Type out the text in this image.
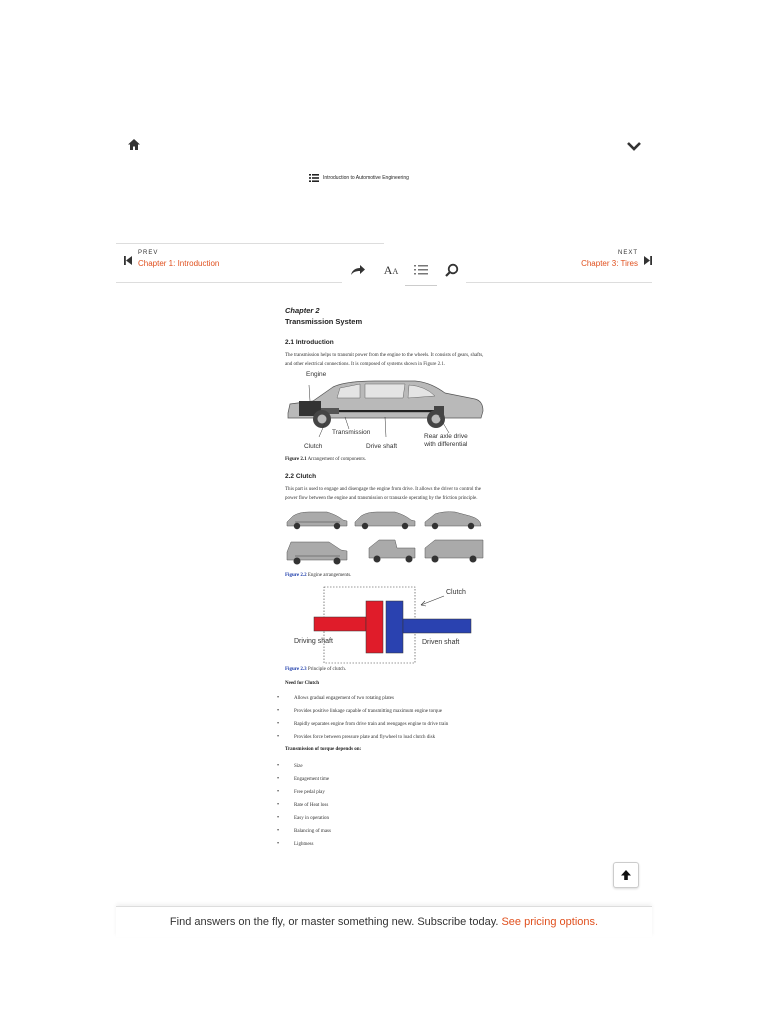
Introduction to Automotive Engineering
PREV
Chapter 1: Introduction
NEXT
Chapter 3: Tires
AA
Chapter 2
Transmission System
2.1 Introduction

The transmission helps to transmit power from the engine to the wheels. It consists of gears, shafts, and other electrical connections. It is composed of systems shown in Figure 2.1.

Engine
Transmission
Clutch	Drive shaft
Rear axle drive
with differential
Figure 2.1 Arrangement of components.
2.2 Clutch

This part is used to engage and disengage the engine from drive. It allows the driver to control the power flow between the engine and transmission or transaxle operating by the friction principle.

Figure 2.2 Engine arrangements.
Clutch
Driving shaft	Driven shaft
Figure 2.3 Principle of clutch.
Need for Clutch
• Allows gradual engagement of two rotating plates
• Provides positive linkage capable of transmitting maximum engine torque
• Rapidly separates engine from drive train and reengages engine to drive train
• Provides force between pressure plate and flywheel to load clutch disk
Transmission of torque depends on:
• Size
• Engagement time
• Free pedal play
• Rate of Heat loss
• Easy in operation
• Balancing of mass
• Lightness
Find answers on the fly, or master something new. Subscribe today. See pricing options.
